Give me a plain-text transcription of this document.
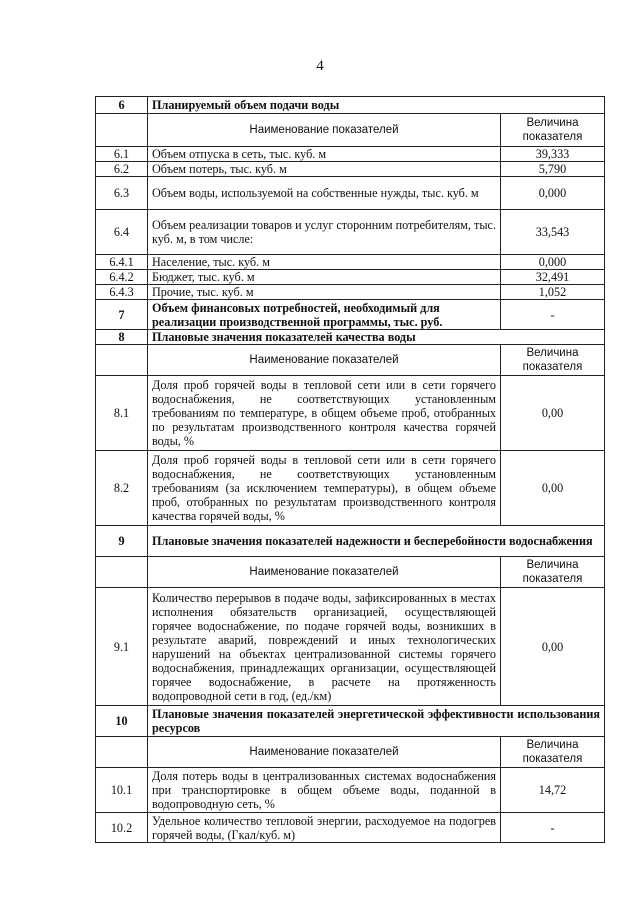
4
6	Планируемый объем подачи воды	
	Наименование показателей	Величина показателя
6.1	Объем отпуска в сеть, тыс. куб. м	39,333
6.2	Объем потерь, тыс. куб. м	5,790
6.3	Объем воды, используемой на собственные нужды, тыс. куб. м	0,000
6.4	Объем реализации товаров и услуг сторонним потребителям, тыс. куб. м, в том числе:	33,543
6.4.1	Население, тыс. куб. м	0,000
6.4.2	Бюджет, тыс. куб. м	32,491
6.4.3	Прочие, тыс. куб. м	1,052
7	Объем финансовых потребностей, необходимый для реализации производственной программы, тыс. руб.	-
8	Плановые значения показателей качества воды	
	Наименование показателей	Величина показателя
8.1	Доля проб горячей воды в тепловой сети или в сети горячего водоснабжения, не соответствующих установленным требованиям по температуре, в общем объеме проб, отобранных по результатам производственного контроля качества горячей воды, %	0,00
8.2	Доля проб горячей воды в тепловой сети или в сети горячего водоснабжения, не соответствующих установленным требованиям (за исключением температуры), в общем объеме проб, отобранных по результатам производственного контроля качества горячей воды, %	0,00
9	Плановые значения показателей надежности и бесперебойности водоснабжения	
	Наименование показателей	Величина показателя
9.1	Количество перерывов в подаче воды, зафиксированных в местах исполнения обязательств организацией, осуществляющей горячее водоснабжение, по подаче горячей воды, возникших в результате аварий, повреждений и иных технологических нарушений на объектах централизованной системы горячего водоснабжения, принадлежащих организации, осуществляющей горячее водоснабжение, в расчете на протяженность водопроводной сети в год, (ед./км)	0,00
10	Плановые значения показателей энергетической эффективности использования ресурсов	
	Наименование показателей	Величина показателя
10.1	Доля потерь воды в централизованных системах водоснабжения при транспортировке в общем объеме воды, поданной в водопроводную сеть, %	14,72
10.2	Удельное количество тепловой энергии, расходуемое на подогрев горячей воды, (Гкал/куб. м)	-
